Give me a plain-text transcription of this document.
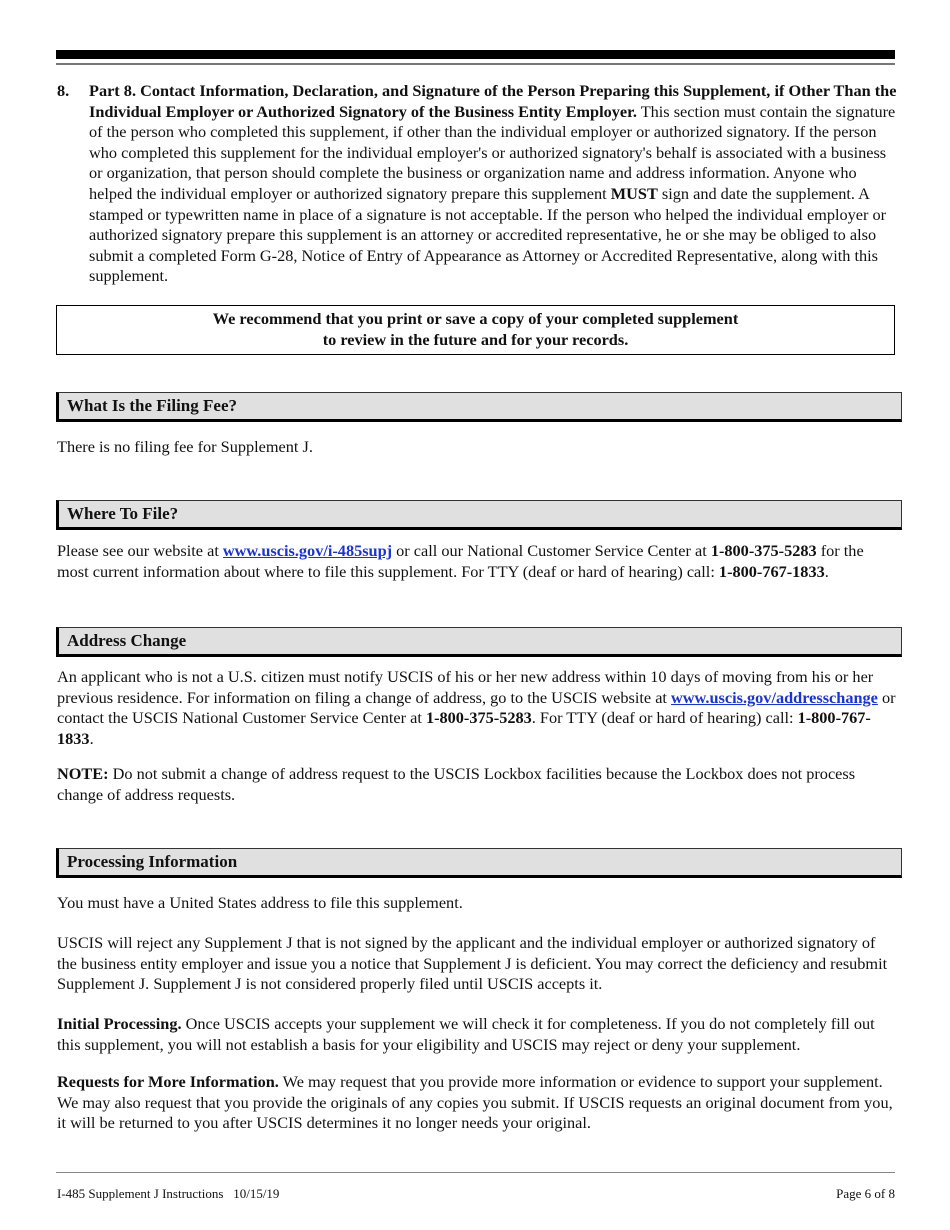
8. Part 8. Contact Information, Declaration, and Signature of the Person Preparing this Supplement, if Other Than the Individual Employer or Authorized Signatory of the Business Entity Employer. This section must contain the signature of the person who completed this supplement, if other than the individual employer or authorized signatory. If the person who completed this supplement for the individual employer's or authorized signatory's behalf is associated with a business or organization, that person should complete the business or organization name and address information. Anyone who helped the individual employer or authorized signatory prepare this supplement MUST sign and date the supplement. A stamped or typewritten name in place of a signature is not acceptable. If the person who helped the individual employer or authorized signatory prepare this supplement is an attorney or accredited representative, he or she may be obliged to also submit a completed Form G-28, Notice of Entry of Appearance as Attorney or Accredited Representative, along with this supplement.
We recommend that you print or save a copy of your completed supplement
to review in the future and for your records.
What Is the Filing Fee?
There is no filing fee for Supplement J.
Where To File?
Please see our website at www.uscis.gov/i-485supj or call our National Customer Service Center at 1-800-375-5283 for the most current information about where to file this supplement. For TTY (deaf or hard of hearing) call: 1-800-767-1833.
Address Change
An applicant who is not a U.S. citizen must notify USCIS of his or her new address within 10 days of moving from his or her previous residence. For information on filing a change of address, go to the USCIS website at www.uscis.gov/addresschange or contact the USCIS National Customer Service Center at 1-800-375-5283. For TTY (deaf or hard of hearing) call: 1-800-767-1833.
NOTE: Do not submit a change of address request to the USCIS Lockbox facilities because the Lockbox does not process change of address requests.
Processing Information
You must have a United States address to file this supplement.
USCIS will reject any Supplement J that is not signed by the applicant and the individual employer or authorized signatory of the business entity employer and issue you a notice that Supplement J is deficient. You may correct the deficiency and resubmit Supplement J. Supplement J is not considered properly filed until USCIS accepts it.
Initial Processing. Once USCIS accepts your supplement we will check it for completeness. If you do not completely fill out this supplement, you will not establish a basis for your eligibility and USCIS may reject or deny your supplement.
Requests for More Information. We may request that you provide more information or evidence to support your supplement. We may also request that you provide the originals of any copies you submit. If USCIS requests an original document from you, it will be returned to you after USCIS determines it no longer needs your original.
I-485 Supplement J Instructions   10/15/19	Page 6 of 8
